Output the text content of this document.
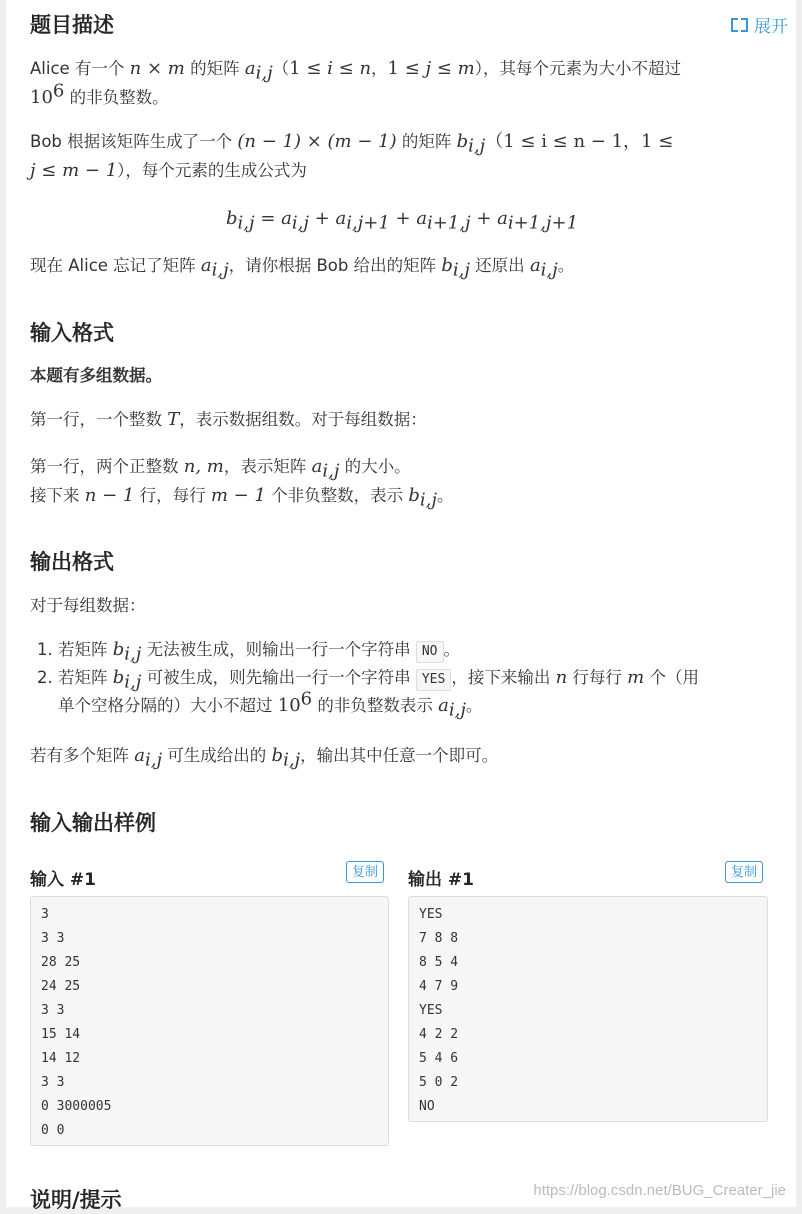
展开
题目描述
Alice 有一个 n × m 的矩阵 $a_{i,j}(1 \le i \le n$，1 ≤ j ≤ m），其每个元素为大小不超过
$10^6$ 的非负整数。
Bob 根据该矩阵生成了一个 (n − 1) × (m − 1) 的矩阵 $b_{i,j}(1 \le i \le n - 1$，1 ≤
j ≤ m − 1），每个元素的生成公式为
$b_{i,j} = a_{i,j} + a_{i,j+1} + a_{i+1,j} + a_{i+1,j+1}$
现在 Alice 忘记了矩阵 $a_{i,j}$，请你根据 Bob 给出的矩阵 $b_{i,j}$ 还原出 $a_{i,j}$。
输入格式
本题有多组数据。
第一行，一个整数 T，表示数据组数。对于每组数据：
第一行，两个正整数 n, m，表示矩阵 $a_{i,j}$ 的大小。
接下来 n − 1 行，每行 m − 1 个非负整数，表示 $b_{i,j}$。
输出格式
对于每组数据：
1. 若矩阵 $b_{i,j}$ 无法被生成，则输出一行一个字符串 NO 。
2. 若矩阵 $b_{i,j}$ 可被生成，则先输出一行一个字符串 YES ，接下来输出 n 行每行 m 个（用
单个空格分隔的）大小不超过 $10^6$ 的非负整数表示 $a_{i,j}$。
若有多个矩阵 $a_{i,j}$ 可生成给出的 $b_{i,j}$，输出其中任意一个即可。
输入输出样例
输入 #1	复制
3
3 3
28 25
24 25
3 3
15 14
14 12
3 3
0 3000005
0 0
输出 #1	复制
YES
7 8 8
8 5 4
4 7 9
YES
4 2 2
5 4 6
5 0 2
NO
说明/提示	https://blog.csdn.net/BUG_Creater_jie
